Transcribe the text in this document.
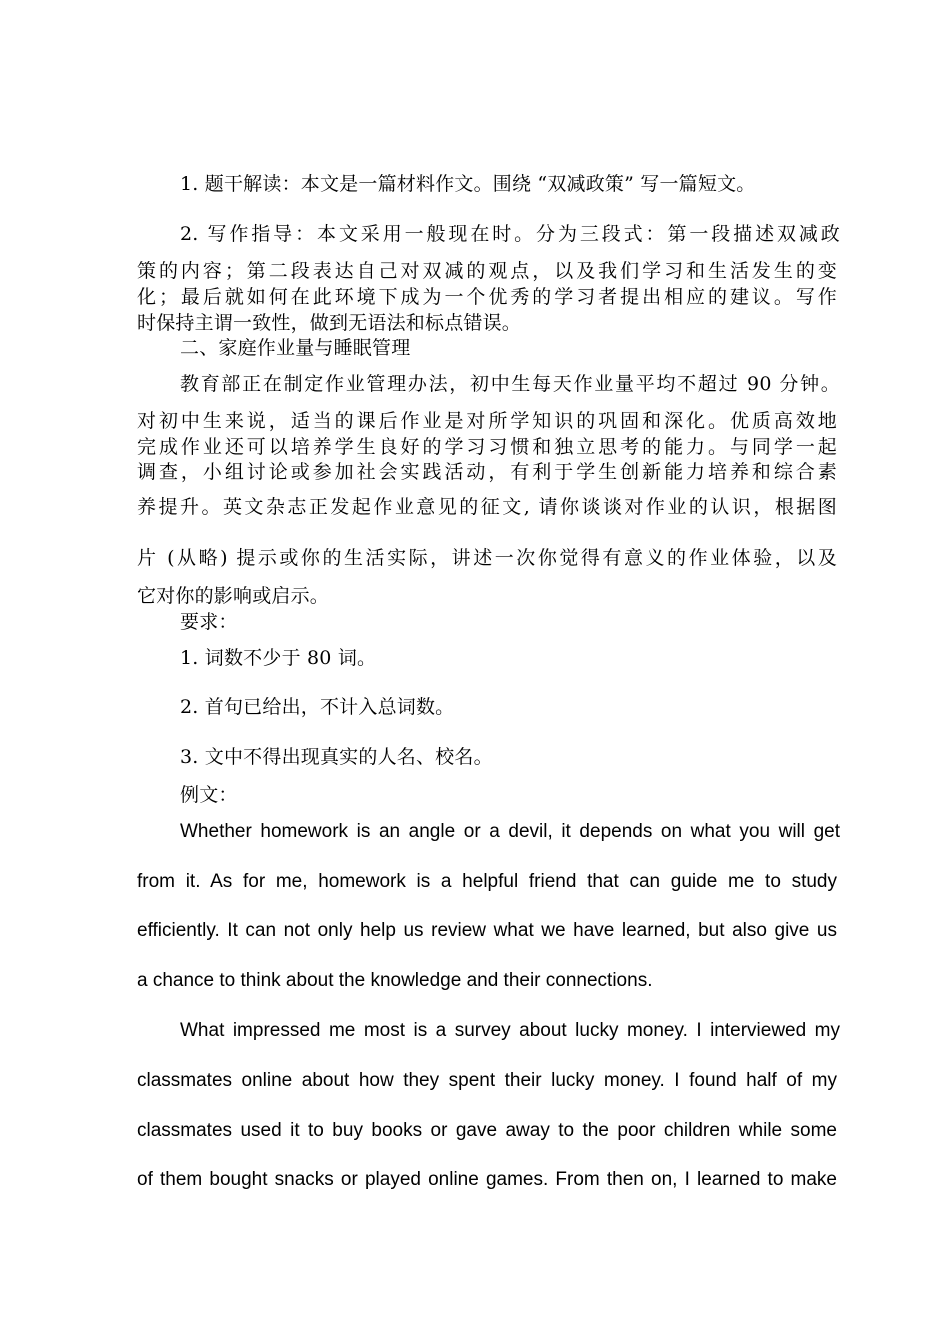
1. 题干解读：本文是一篇材料作文。围绕 “双减政策” 写一篇短文。
2. 写作指导：本文采用一般现在时。分为三段式：第一段描述双减政
策的内容；第二段表达自己对双减的观点，以及我们学习和生活发生的变
化；最后就如何在此环境下成为一个优秀的学习者提出相应的建议。写作
时保持主谓一致性，做到无语法和标点错误。
二、家庭作业量与睡眠管理
教育部正在制定作业管理办法，初中生每天作业量平均不超过 90 分钟。
对初中生来说，适当的课后作业是对所学知识的巩固和深化。优质高效地
完成作业还可以培养学生良好的学习习惯和独立思考的能力。与同学一起
调查，小组讨论或参加社会实践活动，有利于学生创新能力培养和综合素
养提升。英文杂志正发起作业意见的征文, 请你谈谈对作业的认识，根据图
片 (从略) 提示或你的生活实际，讲述一次你觉得有意义的作业体验，以及
它对你的影响或启示。
要求：
1. 词数不少于 80 词。
2. 首句已给出，不计入总词数。
3. 文中不得出现真实的人名、校名。
例文：
Whether homework is an angle or a devil, it depends on what you will get
from it. As for me, homework is a helpful friend that can guide me to study
efficiently. It can not only help us review what we have learned, but also give us
a chance to think about the knowledge and their connections.
What impressed me most is a survey about lucky money. I interviewed my
classmates online about how they spent their lucky money. I found half of my
classmates used it to buy books or gave away to the poor children while some
of them bought snacks or played online games. From then on, I learned to make
